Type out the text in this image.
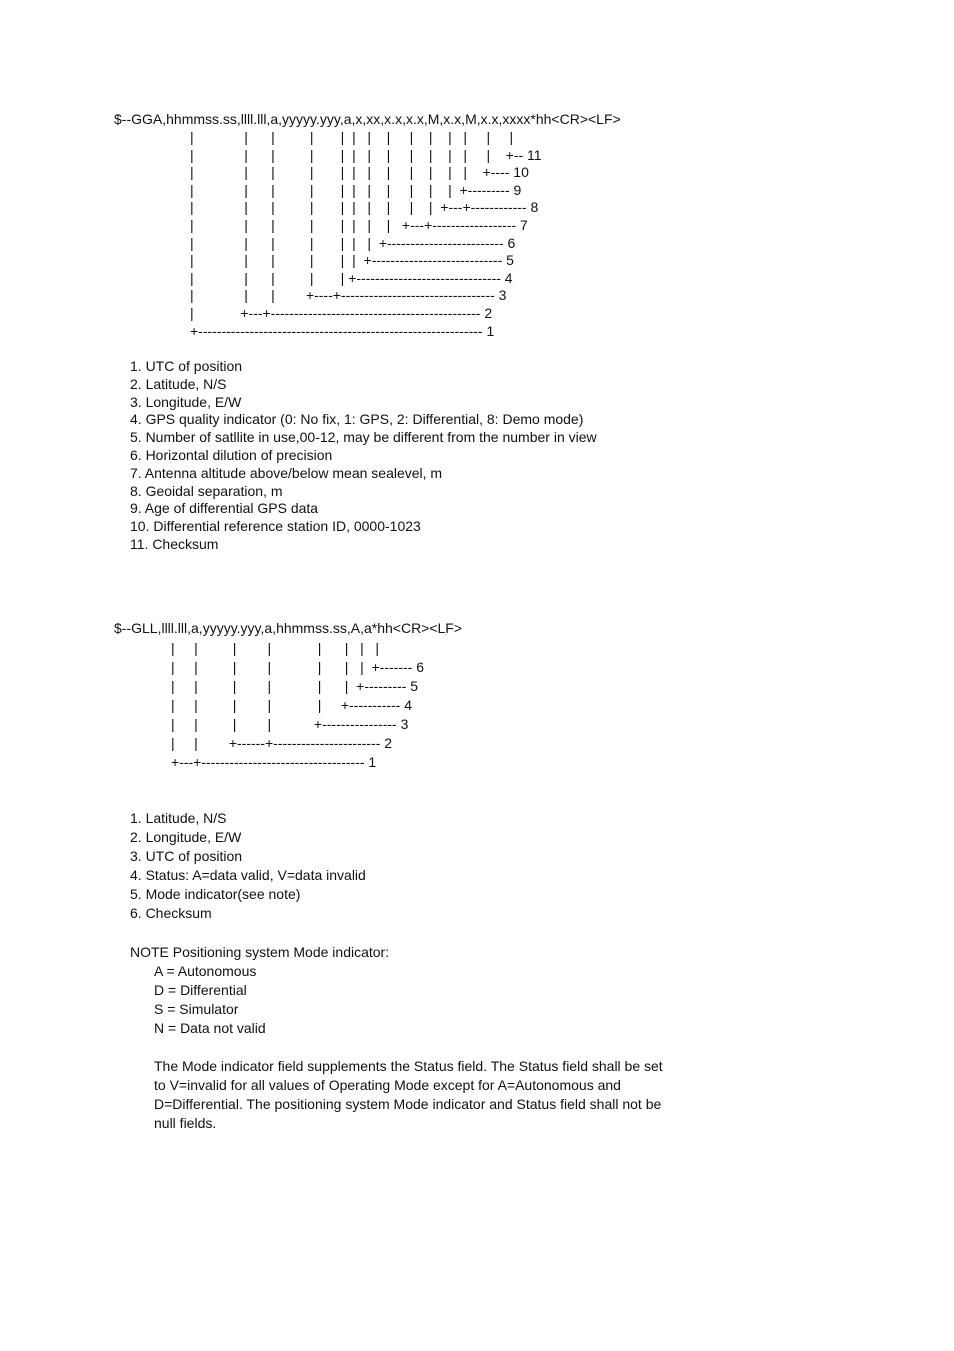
$--GGA,hhmmss.ss,llll.lll,a,yyyyy.yyy,a,x,xx,x.x,x.x,M,x.x,M,x.x,xxxx*hh<CR><LF>
|             |      |         |       |  |   |    |     |    |    |   |     |     |
|             |      |         |       |  |   |    |     |    |    |   |     |    +-- 11
|             |      |         |       |  |   |    |     |    |    |   |    +---- 10
|             |      |         |       |  |   |    |     |    |    |  +--------- 9
|             |      |         |       |  |   |    |     |    |  +---+------------ 8
|             |      |         |       |  |   |    |   +---+------------------ 7
|             |      |         |       |  |   |  +------------------------- 6
|             |      |         |       |  |  +---------------------------- 5
|             |      |         |       | +------------------------------- 4
|             |      |        +----+--------------------------------- 3
|            +---+--------------------------------------------- 2
+------------------------------------------------------------- 1
1. UTC of position
2. Latitude, N/S
3. Longitude, E/W
4. GPS quality indicator (0: No fix, 1: GPS, 2: Differential, 8: Demo mode)
5. Number of satllite in use,00-12, may be different from the number in view
6. Horizontal dilution of precision
7. Antenna altitude above/below mean sealevel, m
8. Geoidal separation, m
9. Age of differential GPS data
10. Differential reference station ID, 0000-1023
11. Checksum
$--GLL,llll.lll,a,yyyyy.yyy,a,hhmmss.ss,A,a*hh<CR><LF>
|     |         |        |            |      |   |   |
|     |         |        |            |      |   |  +------- 6
|     |         |        |            |      |  +--------- 5
|     |         |        |            |     +----------- 4
|     |         |        |           +---------------- 3
|     |        +------+----------------------- 2
+---+----------------------------------- 1
1. Latitude, N/S
2. Longitude, E/W
3. UTC of position
4. Status: A=data valid, V=data invalid
5. Mode indicator(see note)
6. Checksum
NOTE Positioning system Mode indicator:
A = Autonomous
D = Differential
S = Simulator
N = Data not valid
The Mode indicator field supplements the Status field. The Status field shall be set to V=invalid for all values of Operating Mode except for A=Autonomous and D=Differential. The positioning system Mode indicator and Status field shall not be null fields.
